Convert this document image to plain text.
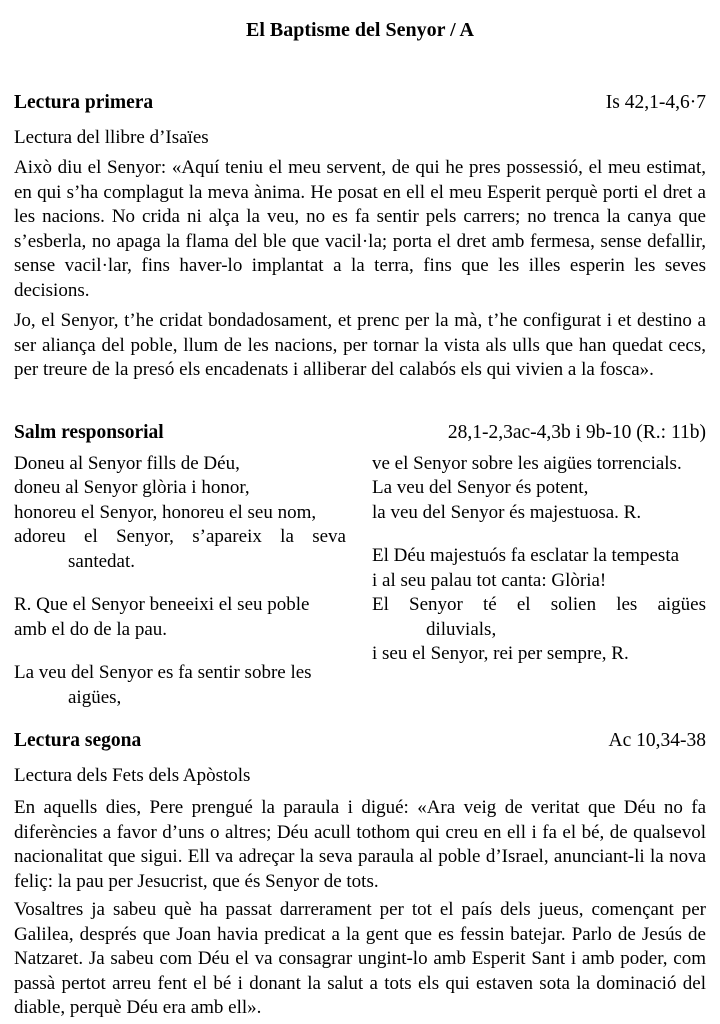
El Baptisme del Senyor / A
Lectura primera	Is 42,1-4,6·7
Lectura del llibre d’Isaïes

Això diu el Senyor: «Aquí teniu el meu servent, de qui he pres possessió, el meu estimat, en qui s’ha complagut la meva ànima. He posat en ell el meu Esperit perquè porti el dret a les nacions. No crida ni alça la veu, no es fa sentir pels carrers; no trenca la canya que s’esberla, no apaga la flama del ble que vacil·la; porta el dret amb fermesa, sense defallir, sense vacil·lar, fins haver-lo implantat a la terra, fins que les illes esperin les seves decisions.

Jo, el Senyor, t’he cridat bondadosament, et prenc per la mà, t’he configurat i et destino a ser aliança del poble, llum de les nacions, per tornar la vista als ulls que han quedat cecs, per treure de la presó els encadenats i alliberar del calabós els qui vivien a la fosca».

Salm responsorial	28,1-2,3ac-4,3b i 9b-10 (R.: 11b)
Doneu al Senyor fills de Déu,
doneu al Senyor glòria i honor,
honoreu el Senyor, honoreu el seu nom,
adoreu el Senyor, s’apareix la seva
santedat.
R. Que el Senyor beneeixi el seu poble
amb el do de la pau.
La veu del Senyor es fa sentir sobre les
aigües,
ve el Senyor sobre les aigües torrencials.
La veu del Senyor és potent,
la veu del Senyor és majestuosa. R.
El Déu majestuós fa esclatar la tempesta
i al seu palau tot canta: Glòria!
El Senyor té el solien les aigües
diluvials,
i seu el Senyor, rei per sempre, R.
Lectura segona	Ac 10,34-38
Lectura dels Fets dels Apòstols

En aquells dies, Pere prengué la paraula i digué: «Ara veig de veritat que Déu no fa diferències a favor d’uns o altres; Déu acull tothom qui creu en ell i fa el bé, de qualsevol nacionalitat que sigui. Ell va adreçar la seva paraula al poble d’Israel, anunciant-li la nova feliç: la pau per Jesucrist, que és Senyor de tots.

Vosaltres ja sabeu què ha passat darrerament per tot el país dels jueus, començant per Galilea, després que Joan havia predicat a la gent que es fessin batejar. Parlo de Jesús de Natzaret. Ja sabeu com Déu el va consagrar ungint-lo amb Esperit Sant i amb poder, com passà pertot arreu fent el bé i donant la salut a tots els qui estaven sota la dominació del diable, perquè Déu era amb ell».
